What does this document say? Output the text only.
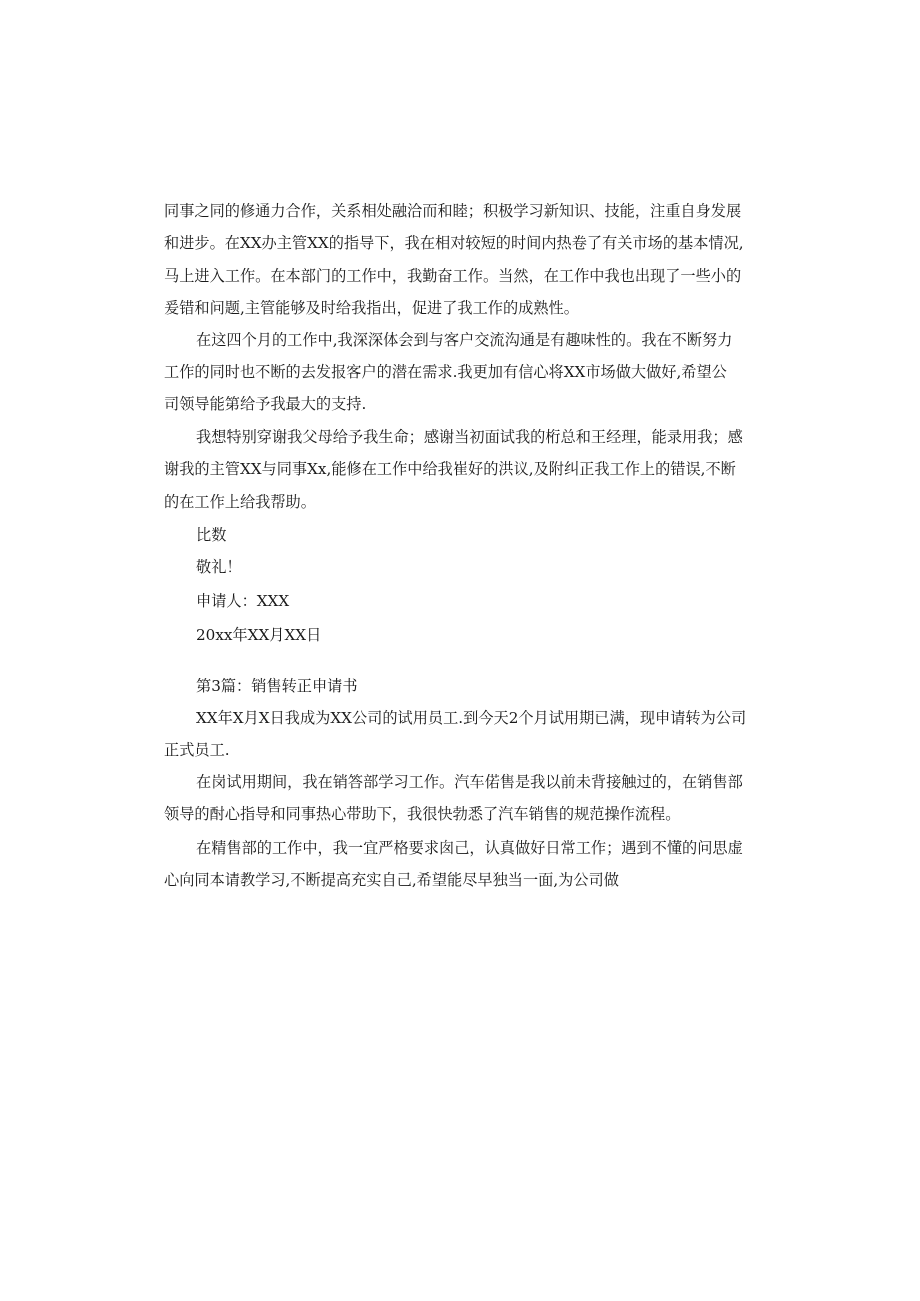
同事之同的修通力合作，关系相处融洽而和睦；积极学习新知识、技能，注重自身发展
和进步。在XX办主管XX的指导下，我在相对较短的时间内热卷了有关市场的基本情况,
马上进入工作。在本部门的工作中，我勤奋工作。当然，在工作中我也出现了一些小的
爰错和问题,主管能够及时给我指出，促进了我工作的成熟性。
在这四个月的工作中,我深深体会到与客户交流沟通是有趣味性的。我在不断努力
工作的同时也不断的去发报客户的潜在需求.我更加有信心将XX市场做大做好,希望公
司领导能第给予我最大的支持.
我想特别穿谢我父母给予我生命；感谢当初面试我的桁总和王经理，能录用我；感
谢我的主管XX与同事Xx,能修在工作中给我崔好的洪议,及附纠正我工作上的错误,不断
的在工作上给我帮助。
比数
敬礼！
申请人：XXX
20xx年XX月XX日
第3篇：销售转正申请书
XX年X月X日我成为XX公司的试用员工.到今天2个月试用期已满，现申请转为公司
正式员工.
在岗试用期间，我在销答部学习工作。汽车偌售是我以前未背接触过的，在销售部
领导的酎心指导和同事热心带助下，我很快勃悉了汽车销售的规范操作流程。
在精售部的工作中，我一宜严格要求囱己，认真做好日常工作；遇到不懂的问思虚
心向同本请教学习,不断提高充实自己,希望能尽早独当一面,为公司做
